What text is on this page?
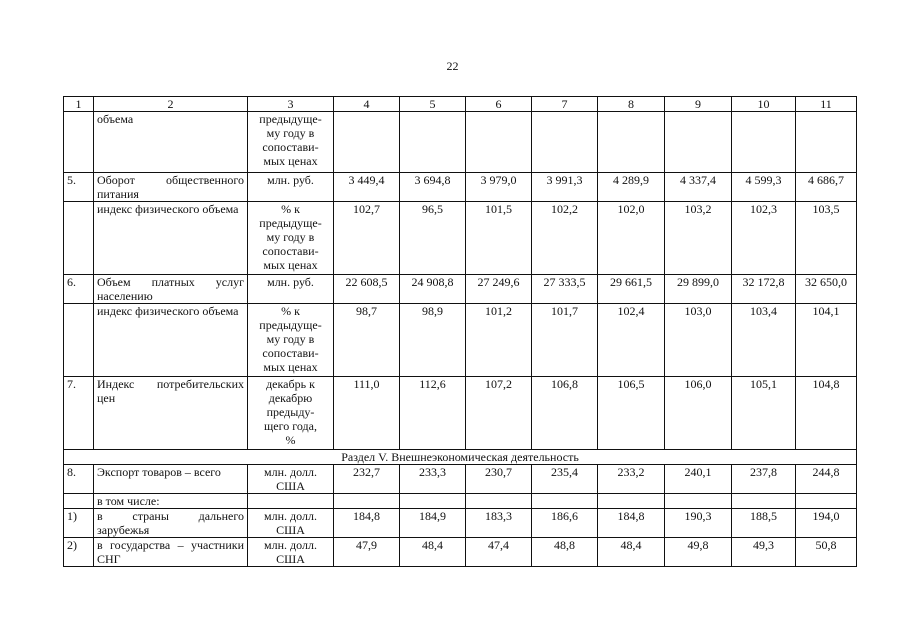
22
1	2	3	4	5	6	7	8	9	10	11
	объема	предыдуще-
му году в
сопостави-
мых ценах								

5.	Оборот общественного питания	млн. руб.	3 449,4	3 694,8	3 979,0	3 991,3	4 289,9	4 337,4	4 599,3	4 686,7
	индекс физического объема	% к
предыдуще-
му году в
сопостави-
мых ценах	102,7	96,5	101,5	102,2	102,0	103,2	102,3	103,5
6.	Объем платных услуг населению	млн. руб.	22 608,5	24 908,8	27 249,6	27 333,5	29 661,5	29 899,0	32 172,8	32 650,0
	индекс физического объема	% к
предыдуще-
му году в
сопостави-
мых ценах	98,7	98,9	101,2	101,7	102,4	103,0	103,4	104,1
7.	Индекс потребительских цен	декабрь к
декабрю
предыду-
щего года,
%	111,0	112,6	107,2	106,8	106,5	106,0	105,1	104,8
Раздел V. Внешнеэкономическая деятельность										
8.	Экспорт товаров – всего	млн. долл.
США	232,7	233,3	230,7	235,4	233,2	240,1	237,8	244,8
	в том числе:									
1)	в страны дальнего зарубежья	млн. долл.
США	184,8	184,9	183,3	186,6	184,8	190,3	188,5	194,0
2)	в государства – участники СНГ	млн. долл.
США	47,9	48,4	47,4	48,8	48,4	49,8	49,3	50,8
